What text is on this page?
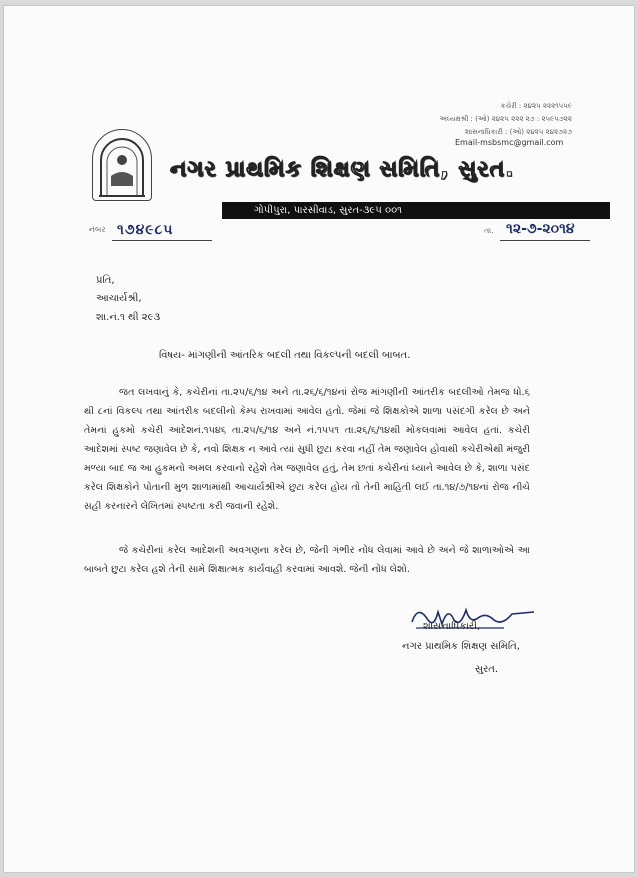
કચેરી : ૨૪૨૫ ૨૨૨૧૫૫૯
અધ્યક્ષશ્રી : (ઓ) ૨૪૨૫ ૨૨૨ ૨૭ : ૨૫૯૫૭૨૨
શાસનાધિકારી : (ઓ) ૨૪૨૫ ૨૪૨૭૨૭
Email-msbsmc@gmail.com
નગર પ્રાથમિક શિક્ષણ સમિતિ, સુરત.
ગોપીપુરા, પારસીવાડ, સુરત-૩૯૫ ૦૦૧
નંબર ૧૭૪૯૮૫	તા. ૧૨-૭-૨૦૧૪
પ્રતિ,
આચાર્યશ્રી,
શા.નં.૧ થી ૨૯૩
વિષય- માંગણીની આંતરિક બદલી તથા વિકલ્પની બદલી બાબત.

જત લખવાનું કે, કચેરીનાં તા.૨૫/૬/૧૪ અને તા.૨૬/૬/૧૪નાં રોજ માંગણીની આંતરીક બદલીઓ તેમજ ધો.૬ થી ૮નાં વિકલ્પ તથા આંતરીક બદલીનો કેમ્પ રાખવામાં આવેલ હતો. જેમાં જે શિક્ષકોએ શાળા પસંદગી કરેલ છે અને તેમનાં હુકમો કચેરી આદેશનં.૧૫૪૬ તા.૨૫/૬/૧૪ અને નં.૧૫૫૧ તા.૨૬/૬/૧૪થી મોકલવામાં આવેલ હતાં. કચેરી આદેશમાં સ્પષ્ટ જણાવેલ છે કે, નવો શિક્ષક ન આવે ત્યાં સુધી છુટા કરવા નહીં તેમ જણાવેલ હોવાથી કચેરીએથી મંજુરી મળ્યા બાદ જ આ હુકમનો અમલ કરવાનો રહેશે તેમ જણાવેલ હતું, તેમ છતાં કચેરીનાં ધ્યાને આવેલ છે કે, શાળા પસંદ કરેલ શિક્ષકોને પોતાની મુળ શાળામાંથી આચાર્યશ્રીએ છુટા કરેલ હોય તો તેની માહિતી લઈ તા.૧૪/૭/૧૪નાં રોજ નીચે સહી કરનારને લેખિતમાં સ્પષ્ટતા કરી જવાની રહેશે.

જે કચેરીનાં કરેલ આદેશની અવગણના કરેલ છે, જેની ગંભીર નોંધ લેવામાં આવે છે અને જે શાળાઓએ આ બાબતે છુટા કરેલ હશે તેની સામે શિક્ષાત્મક કાર્યવાહી કરવામાં આવશે. જેની નોંધ લેશો.

શાસનાધિકારી,
નગર પ્રાથમિક શિક્ષણ સમિતિ,
સુરત.
